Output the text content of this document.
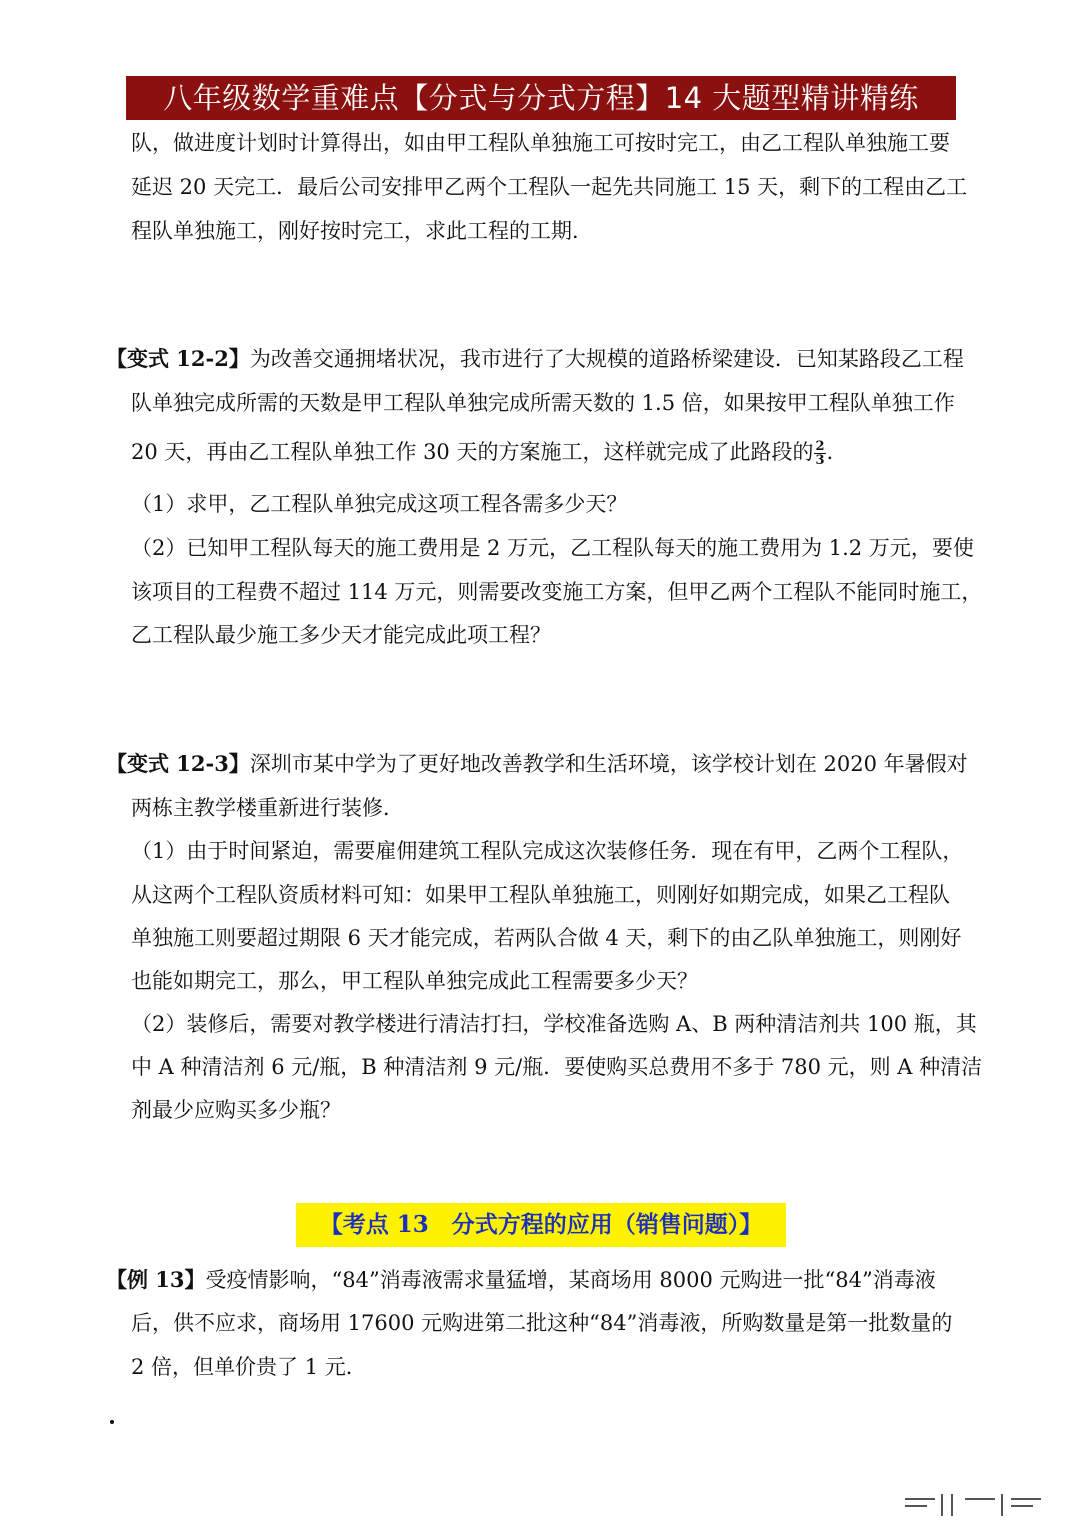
八年级数学重难点【分式与分式方程】14 大题型精讲精练
队，做进度计划时计算得出，如由甲工程队单独施工可按时完工，由乙工程队单独施工要
延迟 20 天完工．最后公司安排甲乙两个工程队一起先共同施工 15 天，剩下的工程由乙工
程队单独施工，刚好按时完工，求此工程的工期．
【变式 12-2】为改善交通拥堵状况，我市进行了大规模的道路桥梁建设．已知某路段乙工程
队单独完成所需的天数是甲工程队单独完成所需天数的 1.5 倍，如果按甲工程队单独工作
20 天，再由乙工程队单独工作 30 天的方案施工，这样就完成了此路段的 $\frac{2}{3}$ .
（1）求甲，乙工程队单独完成这项工程各需多少天？
（2）已知甲工程队每天的施工费用是 2 万元，乙工程队每天的施工费用为 1.2 万元，要使
该项目的工程费不超过 114 万元，则需要改变施工方案，但甲乙两个工程队不能同时施工，
乙工程队最少施工多少天才能完成此项工程？
【变式 12-3】深圳市某中学为了更好地改善教学和生活环境，该学校计划在 2020 年暑假对
两栋主教学楼重新进行装修．
（1）由于时间紧迫，需要雇佣建筑工程队完成这次装修任务．现在有甲，乙两个工程队，
从这两个工程队资质材料可知：如果甲工程队单独施工，则刚好如期完成，如果乙工程队
单独施工则要超过期限 6 天才能完成，若两队合做 4 天，剩下的由乙队单独施工，则刚好
也能如期完工，那么，甲工程队单独完成此工程需要多少天？
（2）装修后，需要对教学楼进行清洁打扫，学校准备选购 A、B 两种清洁剂共 100 瓶，其
中 A 种清洁剂 6 元/瓶，B 种清洁剂 9 元/瓶．要使购买总费用不多于 780 元，则 A 种清洁
剂最少应购买多少瓶？
【考点 13　分式方程的应用（销售问题）】
【例 13】受疫情影响，“84”消毒液需求量猛增，某商场用 8000 元购进一批“84”消毒液
后，供不应求，商场用 17600 元购进第二批这种“84”消毒液，所购数量是第一批数量的
2 倍，但单价贵了 1 元．
